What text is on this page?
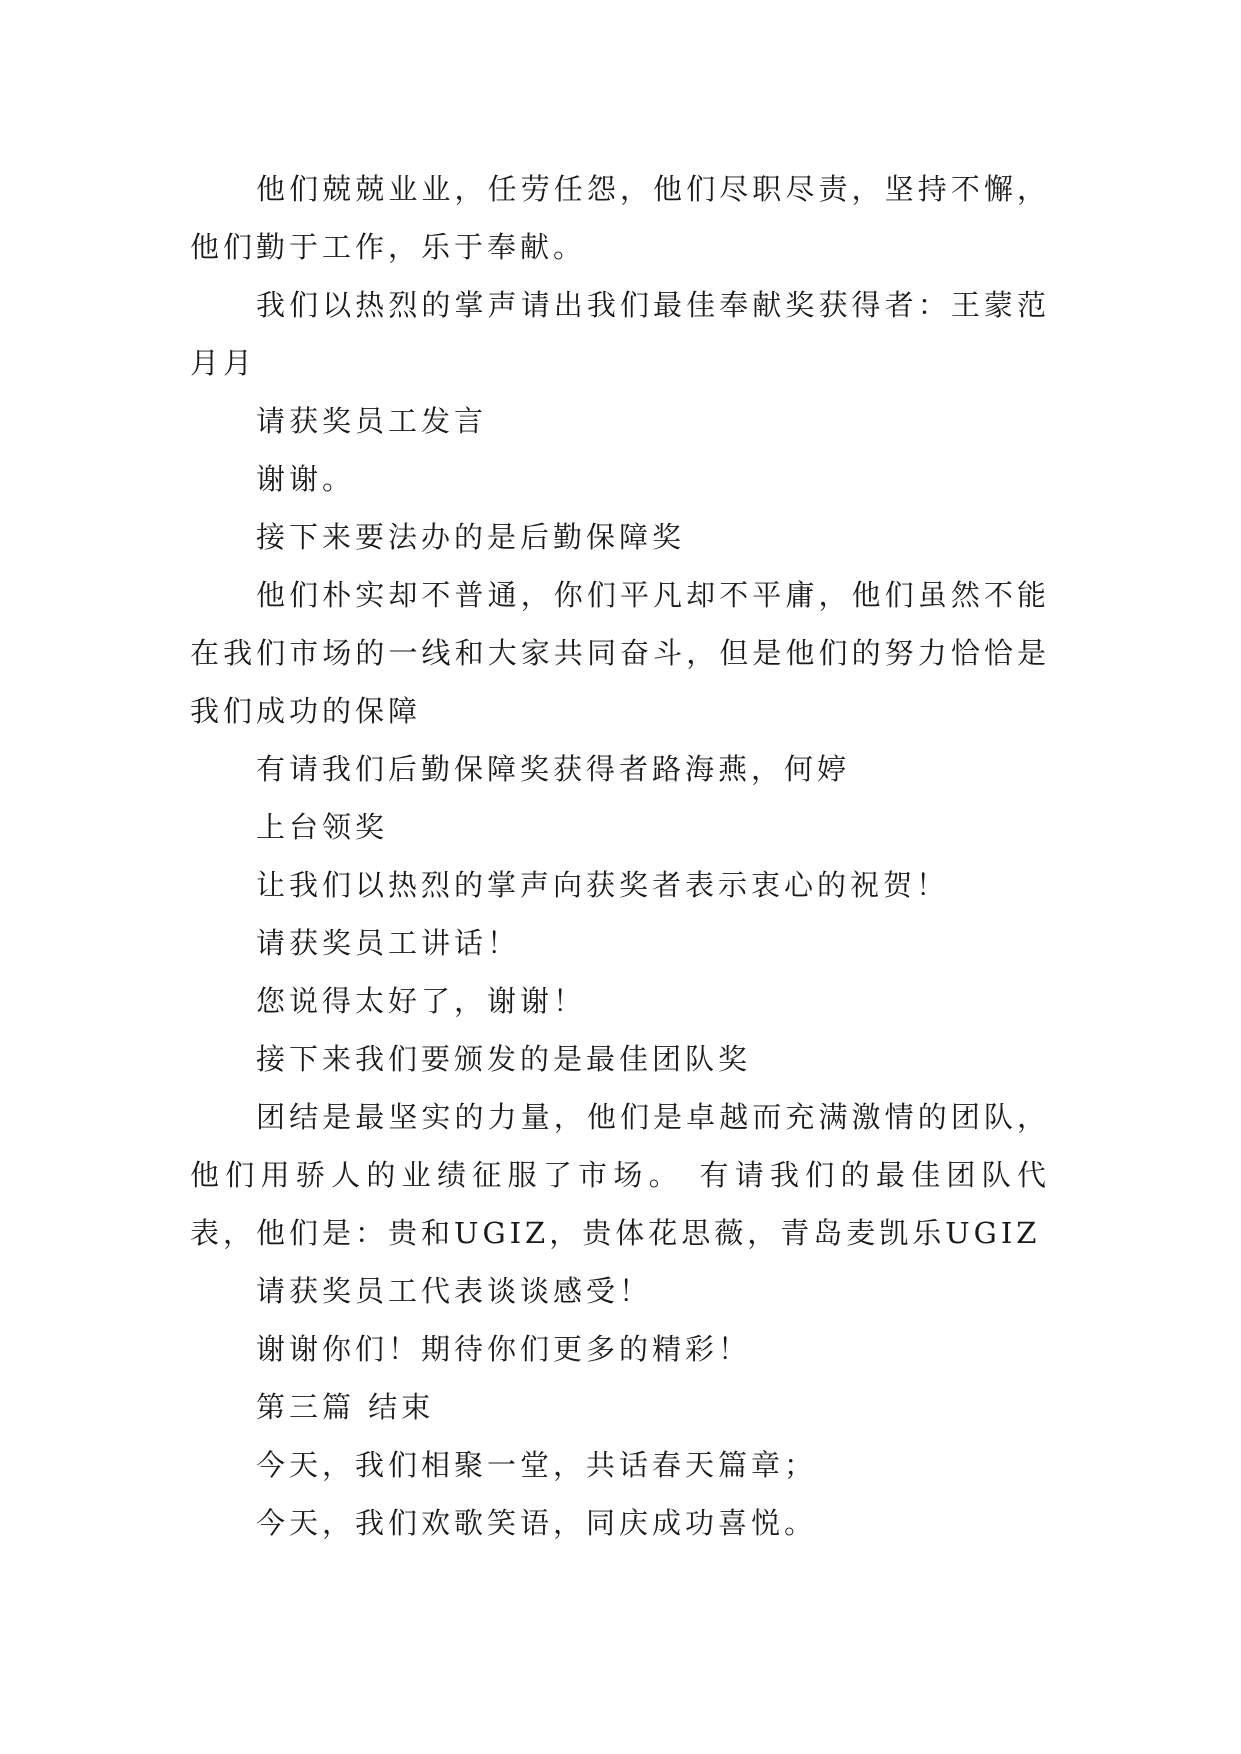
他们兢兢业业，任劳任怨，他们尽职尽责，坚持不懈，他们勤于工作，乐于奉献。

我们以热烈的掌声请出我们最佳奉献奖获得者：王蒙范月月

请获奖员工发言

谢谢。

接下来要法办的是后勤保障奖

他们朴实却不普通，你们平凡却不平庸，他们虽然不能在我们市场的一线和大家共同奋斗，但是他们的努力恰恰是我们成功的保障

有请我们后勤保障奖获得者路海燕，何婷

上台领奖

让我们以热烈的掌声向获奖者表示衷心的祝贺！

请获奖员工讲话！

您说得太好了，谢谢！

接下来我们要颁发的是最佳团队奖

团结是最坚实的力量，他们是卓越而充满激情的团队，他们用骄人的业绩征服了市场。 有请我们的最佳团队代表，他们是：贵和UGIZ，贵体花思薇，青岛麦凯乐UGIZ

请获奖员工代表谈谈感受！

谢谢你们！期待你们更多的精彩！

第三篇 结束

今天，我们相聚一堂，共话春天篇章；

今天，我们欢歌笑语，同庆成功喜悦。
